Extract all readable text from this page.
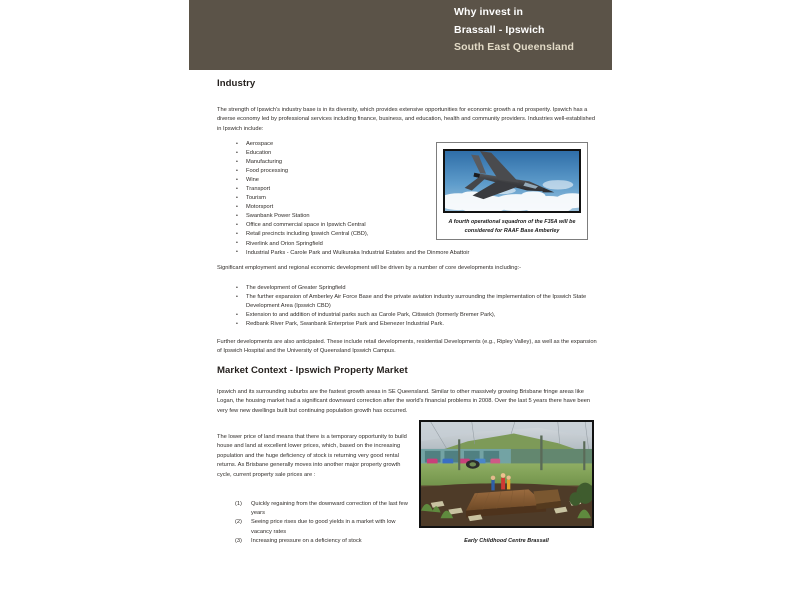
Why invest in
Brassall - Ipswich
South East Queensland
Industry
The strength of Ipswich's industry base is in its diversity, which provides extensive opportunities for economic growth a nd prosperity. Ipswich has a diverse economy led by professional services including finance, business, and education, health and community providers. Industries well-established in Ipswich include:
• Aerospace
• Education
• Manufacturing
• Food processing
• Wine
• Transport
• Tourism
• Motorsport
• Swanbank Power Station
• Office and commercial space in Ipswich Central
• Retail precincts including Ipswich Central (CBD),
• Riverlink and Orion Springfield
• Industrial Parks - Carole Park and Wulkuraka Industrial Estates and the Dinmore Abattoir
Significant employment and regional economic development will be driven by a number of core developments including:-
• The development of Greater Springfield
• The further expansion of Amberley Air Force Base and the private aviation industry surrounding the implementation of the Ipswich State Development Area (Ipswich CBD)
• Extension to and addition of industrial parks such as Carole Park, Citiswich (formerly Bremer Park),
• Redbank River Park, Swanbank Enterprise Park and Ebenezer Industrial Park.
Further developments are also anticipated. These include retail developments, residential Developments (e.g., Ripley Valley), as well as the expansion of Ipswich Hospital and the University of Queensland Ipswich Campus.
Market Context - Ipswich Property Market
Ipswich and its surrounding suburbs are the fastest growth areas in SE Queensland. Similar to other massively growing Brisbane fringe areas like Logan, the housing market had a significant downward correction after the world's financial problems in 2008. Over the last 5 years there have been very few new dwellings built but continuing population growth has occurred.
The lower price of land means that there is a temporary opportunity to build house and land at excellent lower prices, which, based on the increasing population and the huge deficiency of stock is returning very good rental returns. As Brisbane generally moves into another major property growth cycle, current property sale prices are :
(1) Quickly regaining from the downward correction of the last few years
(2) Seeing price rises due to good yields in a market with low vacancy rates
(3) Increasing pressure on a deficiency of stock
A fourth operational squadron of the F35A will be considered for RAAF Base Amberley
Early Childhood Centre Brassall
